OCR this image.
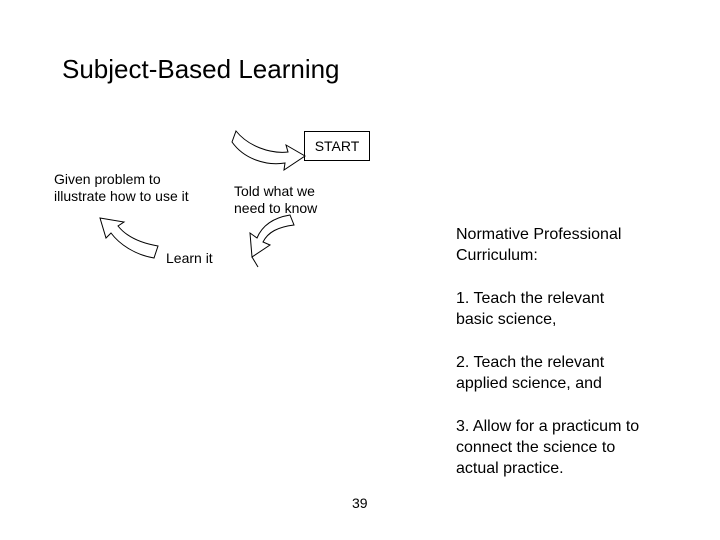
Subject-Based Learning
START
Given problem to
illustrate how to use it	Told what we
need to know
Learn it
Normative Professional
Curriculum:
1. Teach the relevant
basic science,
2. Teach the relevant
applied science, and
3. Allow for a practicum to
connect the science to
actual practice.
39
